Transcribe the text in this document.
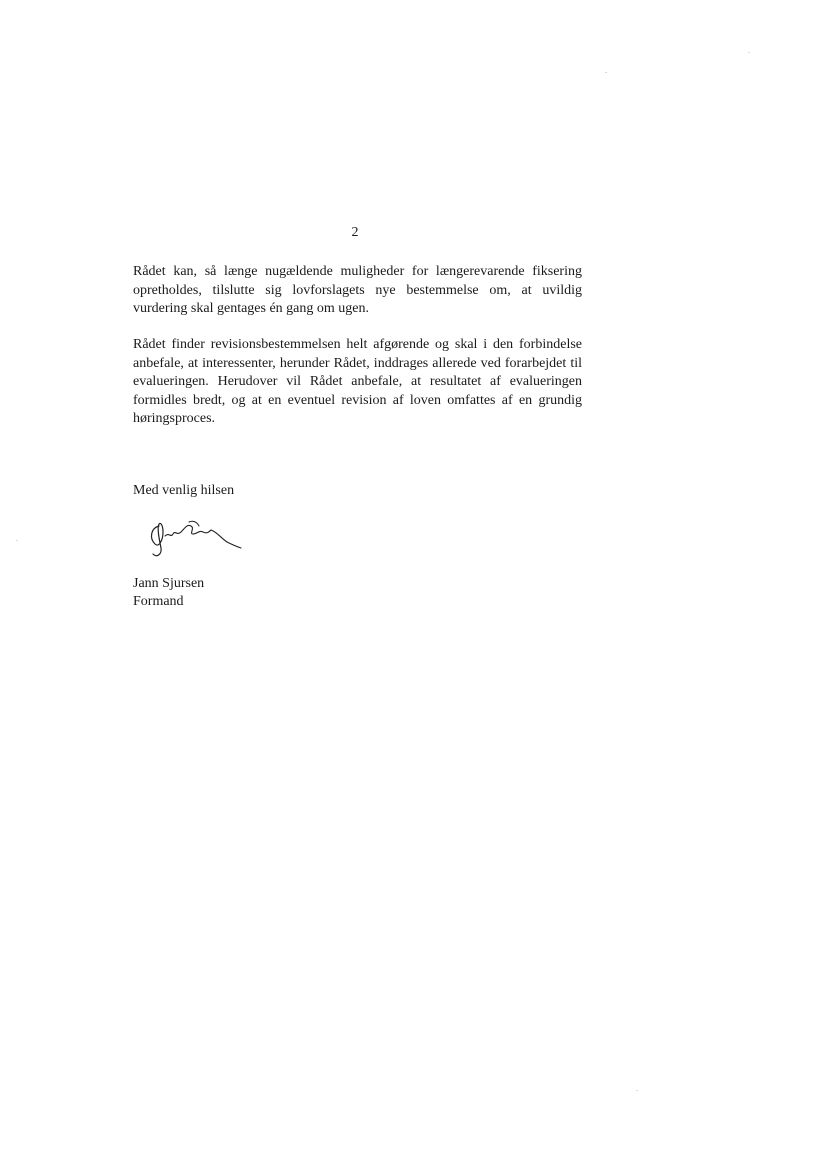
2

Rådet kan, så længe nugældende muligheder for længerevarende fiksering opretholdes, tilslutte sig lovforslagets nye bestemmelse om, at uvildig vurdering skal gentages én gang om ugen.

Rådet finder revisionsbestemmelsen helt afgørende og skal i den forbindelse anbefale, at interessenter, herunder Rådet, inddrages allerede ved forarbejdet til evalueringen. Herudover vil Rådet anbefale, at resultatet af evalueringen formidles bredt, og at en eventuel revision af loven omfattes af en grundig høringsproces.

Med venlig hilsen
Jann Sjursen
Formand
